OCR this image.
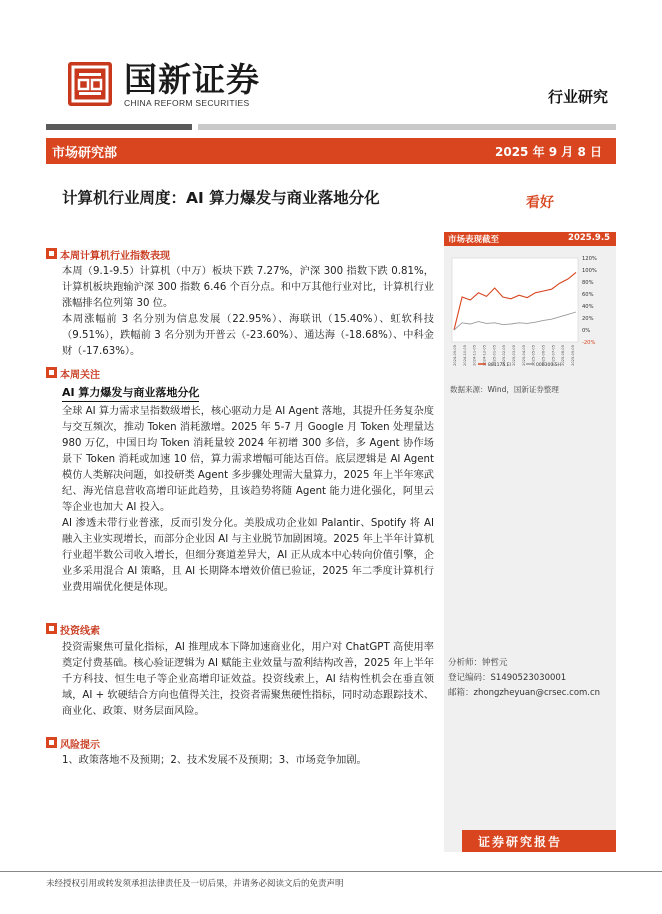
国新证券
CHINA REFORM SECURITIES	行业研究
市场研究部	2025 年 9 月 8 日
计算机行业周度：AI 算力爆发与商业落地分化	看好
市场表现截至	2025.9.5
120%
100%
80%
60%
40%
20%
0%
-20%
2024-09-05 2024-10-05 2024-11-05 2024-12-05 2025-01-05 2025-02-05 2025-03-05 2025-04-05 2025-05-05 2025-06-05 2025-07-05 2025-08-05 2025-09-05
881175.EI	000300.SH
数据来源：Wind，国新证券整理
分析师：钟哲元
登记编码：S1490523030001
邮箱：zhongzheyuan@crsec.com.cn
证券研究报告
本周计算机行业指数表现
本周（9.1-9.5）计算机（中万）板块下跌 7.27%，沪深 300 指数下跌 0.81%，计算机板块跑输沪深 300 指数 6.46 个百分点。和中万其他行业对比，计算机行业涨幅排名位列第 30 位。
本周涨幅前 3 名分别为信息发展（22.95%）、海联讯（15.40%）、虹软科技（9.51%），跌幅前 3 名分别为开普云（-23.60%）、通达海（-18.68%）、中科金财（-17.63%）。
本周关注
AI 算力爆发与商业落地分化
全球 AI 算力需求呈指数级增长，核心驱动力是 AI Agent 落地，其提升任务复杂度与交互频次，推动 Token 消耗激增。2025 年 5-7 月 Google 月 Token 处理量达 980 万亿，中国日均 Token 消耗量较 2024 年初增 300 多倍，多 Agent 协作场景下 Token 消耗或加速 10 倍，算力需求增幅可能达百倍。底层逻辑是 AI Agent 模仿人类解决问题，如投研类 Agent 多步骤处理需大量算力，2025 年上半年寒武纪、海光信息营收高增印证此趋势，且该趋势将随 Agent 能力进化强化，阿里云等企业也加大 AI 投入。
AI 渗透未带行业普涨，反而引发分化。美股成功企业如 Palantir、Spotify 将 AI 融入主业实现增长，而部分企业因 AI 与主业脱节加剧困境。2025 年上半年计算机行业超半数公司收入增长，但细分赛道差异大，AI 正从成本中心转向价值引擎，企业多采用混合 AI 策略，且 AI 长期降本增效价值已验证，2025 年二季度计算机行业费用端优化便是体现。
投资线索
投资需聚焦可量化指标，AI 推理成本下降加速商业化，用户对 ChatGPT 高使用率奠定付费基础。核心验证逻辑为 AI 赋能主业效量与盈利结构改善，2025 年上半年千方科技、恒生电子等企业高增印证效益。投资线索上，AI 结构性机会在垂直领域，AI + 软硬结合方向也值得关注，投资者需聚焦硬性指标，同时动态跟踪技术、商业化、政策、财务层面风险。
风险提示
1、政策落地不及预期；2、技术发展不及预期；3、市场竞争加剧。
未经授权引用或转发须承担法律责任及一切后果，并请务必阅读文后的免责声明
